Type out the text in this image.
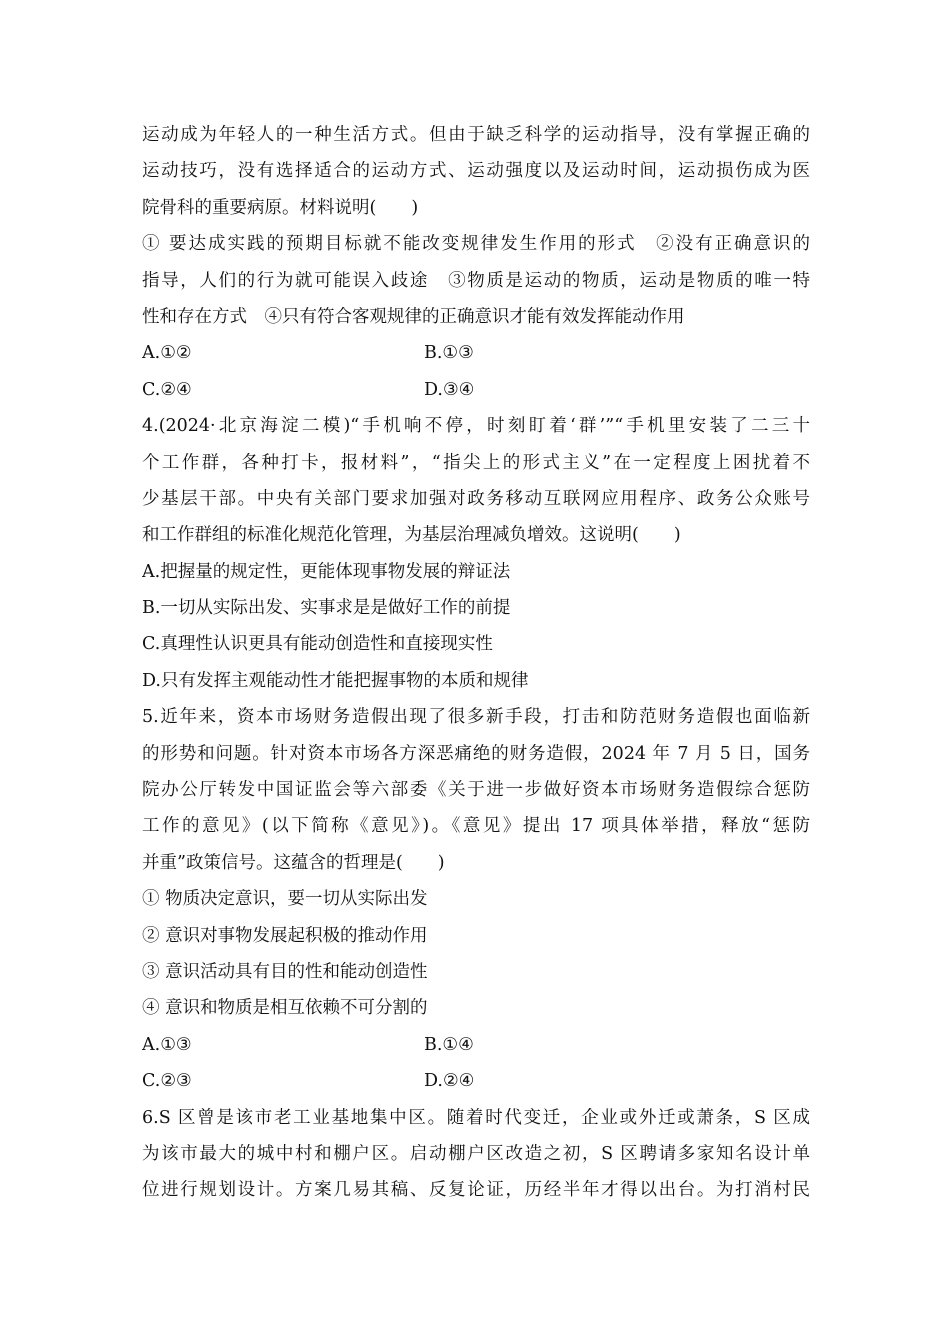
运动成为年轻人的一种生活方式。但由于缺乏科学的运动指导，没有掌握正确的
运动技巧，没有选择适合的运动方式、运动强度以及运动时间，运动损伤成为医
院骨科的重要病原。材料说明(　　)
① 要达成实践的预期目标就不能改变规律发生作用的形式　②没有正确意识的
指导，人们的行为就可能误入歧途　③物质是运动的物质，运动是物质的唯一特
性和存在方式　④只有符合客观规律的正确意识才能有效发挥能动作用
A.①②	B.①③
C.②④	D.③④
4.(2024·北京海淀二模)“手机响不停，时刻盯着‘群’”“手机里安装了二三十
个工作群，各种打卡，报材料”，“指尖上的形式主义”在一定程度上困扰着不
少基层干部。中央有关部门要求加强对政务移动互联网应用程序、政务公众账号
和工作群组的标准化规范化管理，为基层治理减负增效。这说明(　　)
A.把握量的规定性，更能体现事物发展的辩证法
B.一切从实际出发、实事求是是做好工作的前提
C.真理性认识更具有能动创造性和直接现实性
D.只有发挥主观能动性才能把握事物的本质和规律
5.近年来，资本市场财务造假出现了很多新手段，打击和防范财务造假也面临新
的形势和问题。针对资本市场各方深恶痛绝的财务造假，2024 年 7 月 5 日，国务
院办公厅转发中国证监会等六部委《关于进一步做好资本市场财务造假综合惩防
工作的意见》(以下简称《意见》)。《意见》提出 17 项具体举措，释放“惩防
并重”政策信号。这蕴含的哲理是(　　)
① 物质决定意识，要一切从实际出发
② 意识对事物发展起积极的推动作用
③ 意识活动具有目的性和能动创造性
④ 意识和物质是相互依赖不可分割的
A.①③	B.①④
C.②③	D.②④
6.S 区曾是该市老工业基地集中区。随着时代变迁，企业或外迁或萧条，S 区成
为该市最大的城中村和棚户区。启动棚户区改造之初，S 区聘请多家知名设计单
位进行规划设计。方案几易其稿、反复论证，历经半年才得以出台。为打消村民
